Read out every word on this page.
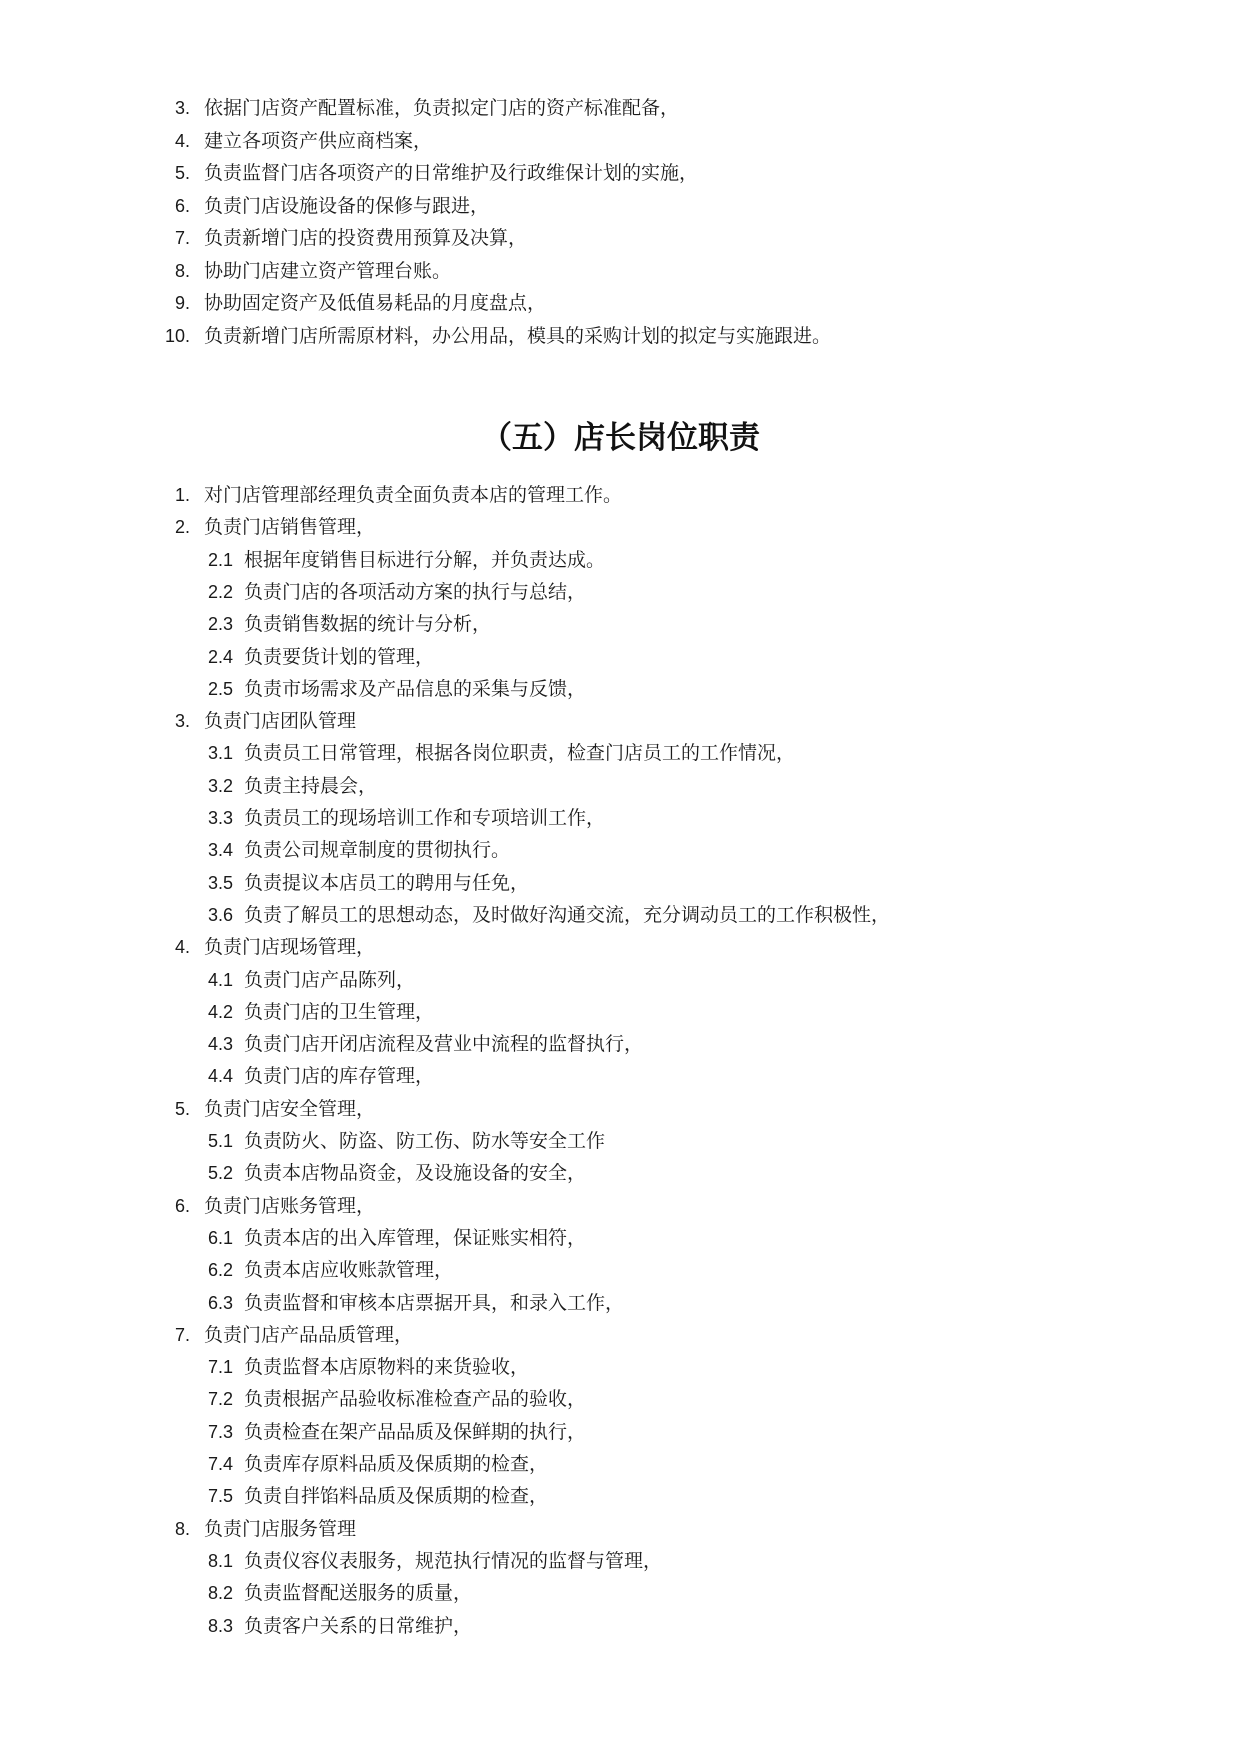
3. 依据门店资产配置标准，负责拟定门店的资产标准配备，
4. 建立各项资产供应商档案，
5. 负责监督门店各项资产的日常维护及行政维保计划的实施，
6. 负责门店设施设备的保修与跟进，
7. 负责新增门店的投资费用预算及决算，
8. 协助门店建立资产管理台账。
9. 协助固定资产及低值易耗品的月度盘点，
10. 负责新增门店所需原材料，办公用品，模具的采购计划的拟定与实施跟进。
（五）店长岗位职责
1. 对门店管理部经理负责全面负责本店的管理工作。
2. 负责门店销售管理，
2.1 根据年度销售目标进行分解，并负责达成。
2.2 负责门店的各项活动方案的执行与总结，
2.3 负责销售数据的统计与分析，
2.4 负责要货计划的管理，
2.5 负责市场需求及产品信息的采集与反馈，
3. 负责门店团队管理
3.1 负责员工日常管理，根据各岗位职责，检查门店员工的工作情况，
3.2 负责主持晨会，
3.3 负责员工的现场培训工作和专项培训工作，
3.4 负责公司规章制度的贯彻执行。
3.5 负责提议本店员工的聘用与任免，
3.6 负责了解员工的思想动态，及时做好沟通交流，充分调动员工的工作积极性，
4. 负责门店现场管理，
4.1 负责门店产品陈列，
4.2 负责门店的卫生管理，
4.3 负责门店开闭店流程及营业中流程的监督执行，
4.4 负责门店的库存管理，
5. 负责门店安全管理，
5.1 负责防火、防盗、防工伤、防水等安全工作
5.2 负责本店物品资金，及设施设备的安全，
6. 负责门店账务管理，
6.1 负责本店的出入库管理，保证账实相符，
6.2 负责本店应收账款管理，
6.3 负责监督和审核本店票据开具，和录入工作，
7. 负责门店产品品质管理，
7.1 负责监督本店原物料的来货验收，
7.2 负责根据产品验收标准检查产品的验收，
7.3 负责检查在架产品品质及保鲜期的执行，
7.4 负责库存原料品质及保质期的检查，
7.5 负责自拌馅料品质及保质期的检查，
8. 负责门店服务管理
8.1 负责仪容仪表服务，规范执行情况的监督与管理，
8.2 负责监督配送服务的质量，
8.3 负责客户关系的日常维护，
